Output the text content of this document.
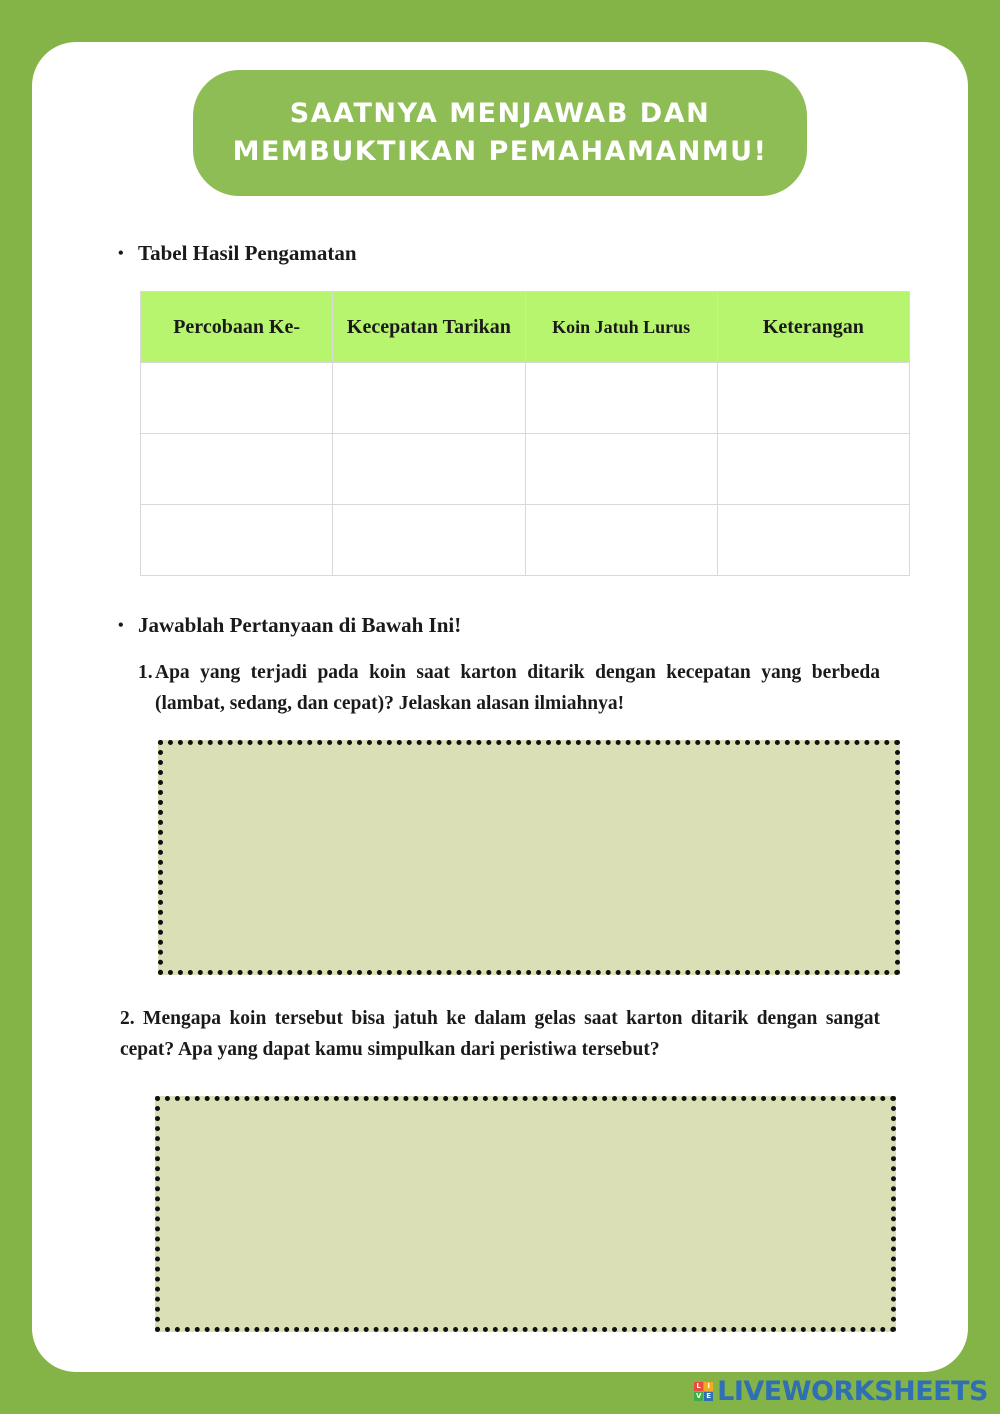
SAATNYA MENJAWAB DAN
MEMBUKTIKAN PEMAHAMANMU!
• Tabel Hasil Pengamatan
Percobaan Ke-	Kecepatan Tarikan	Koin Jatuh Lurus	Keterangan

• Jawablah Pertanyaan di Bawah Ini!
1. Apa yang terjadi pada koin saat karton ditarik dengan kecepatan yang berbeda (lambat, sedang, dan cepat)? Jelaskan alasan ilmiahnya!
2. Mengapa koin tersebut bisa jatuh ke dalam gelas saat karton ditarik dengan sangat cepat? Apa yang dapat kamu simpulkan dari peristiwa tersebut?
L I
V E LIVEWORKSHEETS
